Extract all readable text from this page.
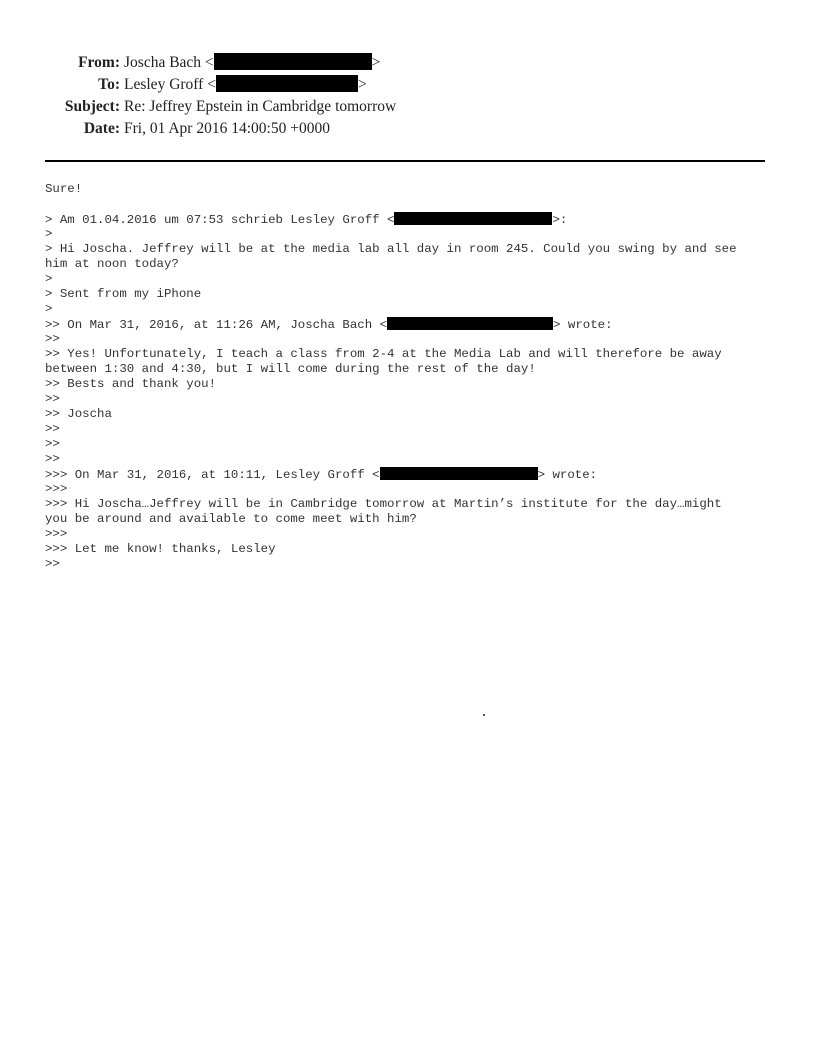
From: Joscha Bach <	>
To: Lesley Groff <	>
Subject: Re: Jeffrey Epstein in Cambridge tomorrow
Date: Fri, 01 Apr 2016 14:00:50 +0000
Sure!
> Am 01.04.2016 um 07:53 schrieb Lesley Groff <	>:
>
> Hi Joscha. Jeffrey will be at the media lab all day in room 245. Could you swing by and see
him at noon today?
>
> Sent from my iPhone
>
>> On Mar 31, 2016, at 11:26 AM, Joscha Bach <	> wrote:
>>
>> Yes! Unfortunately, I teach a class from 2-4 at the Media Lab and will therefore be away
between 1:30 and 4:30, but I will come during the rest of the day!
>> Bests and thank you!
>>
>> Joscha
>>
>>
>>
>>> On Mar 31, 2016, at 10:11, Lesley Groff <	> wrote:
>>>
>>> Hi Joscha…Jeffrey will be in Cambridge tomorrow at Martin’s institute for the day…might
you be around and available to come meet with him?
>>>
>>> Let me know! thanks, Lesley
>>
